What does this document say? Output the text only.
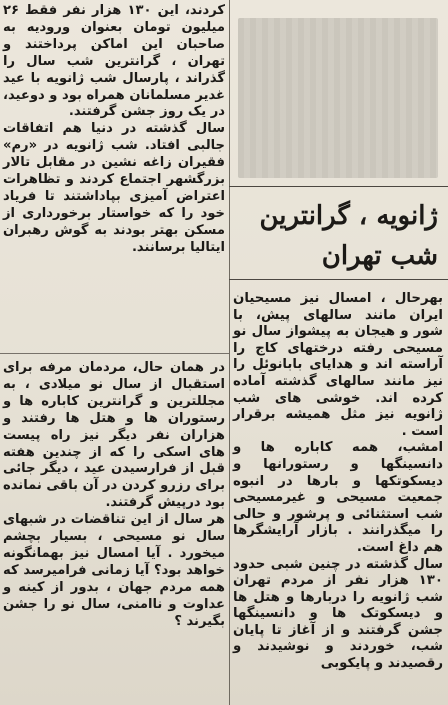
کردند، این ۱۳۰ هزار نفر فقط ۲۶ میلیون تومان بعنوان ورودیه به صاحبان این اماکن پرداختند و تهران ، گرانترین شب سال را گذراند ، پارسال شب ژانویه با عید غدیر مسلمانان همراه بود و دوعید، در یک روز جشن گرفتند.

سال گذشته در دنیا هم اتفاقات جالبی افتاد. شب ژانویه در «رم» فقیران زاغه نشین در مقابل تالار بزرگشهر اجتماع کردند و تظاهرات اعتراض آمیزی بپاداشتند تا فریاد خود را که خواستار برخورداری از مسکن بهتر بودند به گوش رهبران ایتالیا برسانند.

در همان حال، مردمان مرفه برای استقبال از سال نو میلادی ، به مجللترین و گرانترین کاباره ها و رستوران ها و هتل ها رفتند و هزاران نفر دیگر نیز راه پیست های اسکی را که از چندین هفته قبل از فرارسیدن عید ، دیگر جائی برای رزرو کردن در آن باقی نمانده بود درپیش گرفتند.

هر سال از این تناقضات در شبهای سال نو مسیحی ، بسیار بچشم میخورد . آیا امسال نیز بهمانگونه خواهد بود؟ آیا زمانی فرامیرسد که همه مردم جهان ، بدور از کینه و عداوت و ناامنی، سال نو را جشن بگیرند ؟

ژانویه ، گرانترین
شب تهران

بهرحال ، امسال نیز مسیحیان ایران مانند سالهای پیش، با شور و هیجان به پیشواز سال نو مسیحی رفته درختهای کاج را آراسته اند و هدایای بابانوئل را نیز مانند سالهای گذشته آماده کرده اند. خوشی های شب ژانویه نیز مثل همیشه برقرار است .

امشب، همه کاباره ها و دانسینگها و رستورانها و دیسکوتکها و بارها در انبوه جمعیت مسیحی و غیرمسیحی شب استثنائی و پرشور و حالی را میگذرانند . بازار آرایشگرها هم داغ است.

سال گذشته در چنین شبی حدود ۱۳۰ هزار نفر از مردم تهران شب ژانویه را دربارها و هتل ها و دیسکوتک ها و دانسینگها جشن گرفتند و از آغاز تا پایان شب، خوردند و نوشیدند و رقصیدند و پایکوبی
